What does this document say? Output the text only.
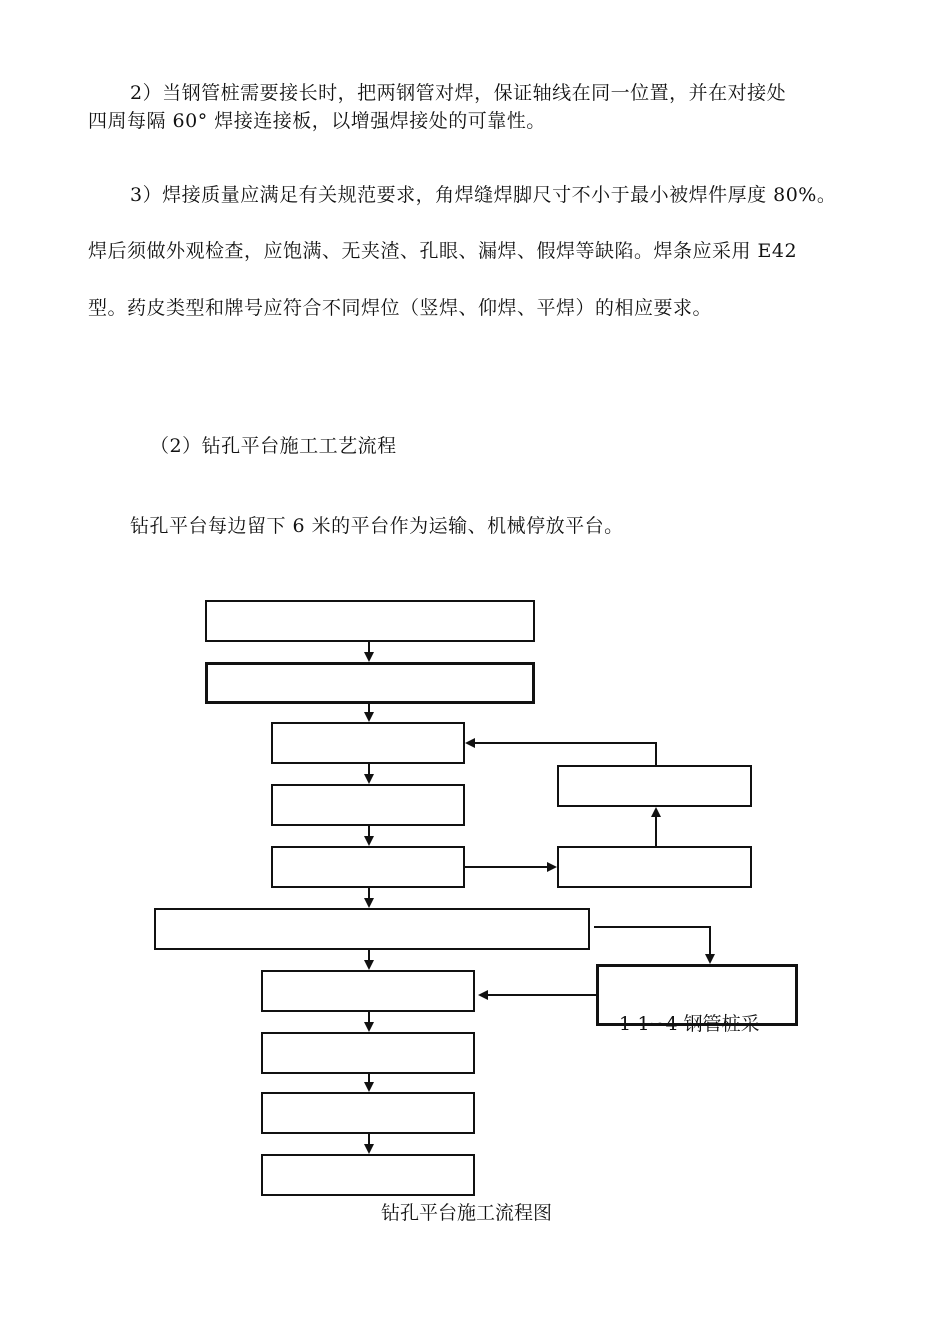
2）当钢管桩需要接长时，把两钢管对焊，保证轴线在同一位置，并在对接处
四周每隔 60° 焊接连接板，以增强焊接处的可靠性。
3）焊接质量应满足有关规范要求，角焊缝焊脚尺寸不小于最小被焊件厚度 80%。
焊后须做外观检查，应饱满、无夹渣、孔眼、漏焊、假焊等缺陷。焊条应采用 E42
型。药皮类型和牌号应符合不同焊位（竖焊、仰焊、平焊）的相应要求。
（2）钻孔平台施工工艺流程
钻孔平台每边留下 6 米的平台作为运输、机械停放平台。
1-1∽4 钢管桩采
钻孔平台施工流程图
